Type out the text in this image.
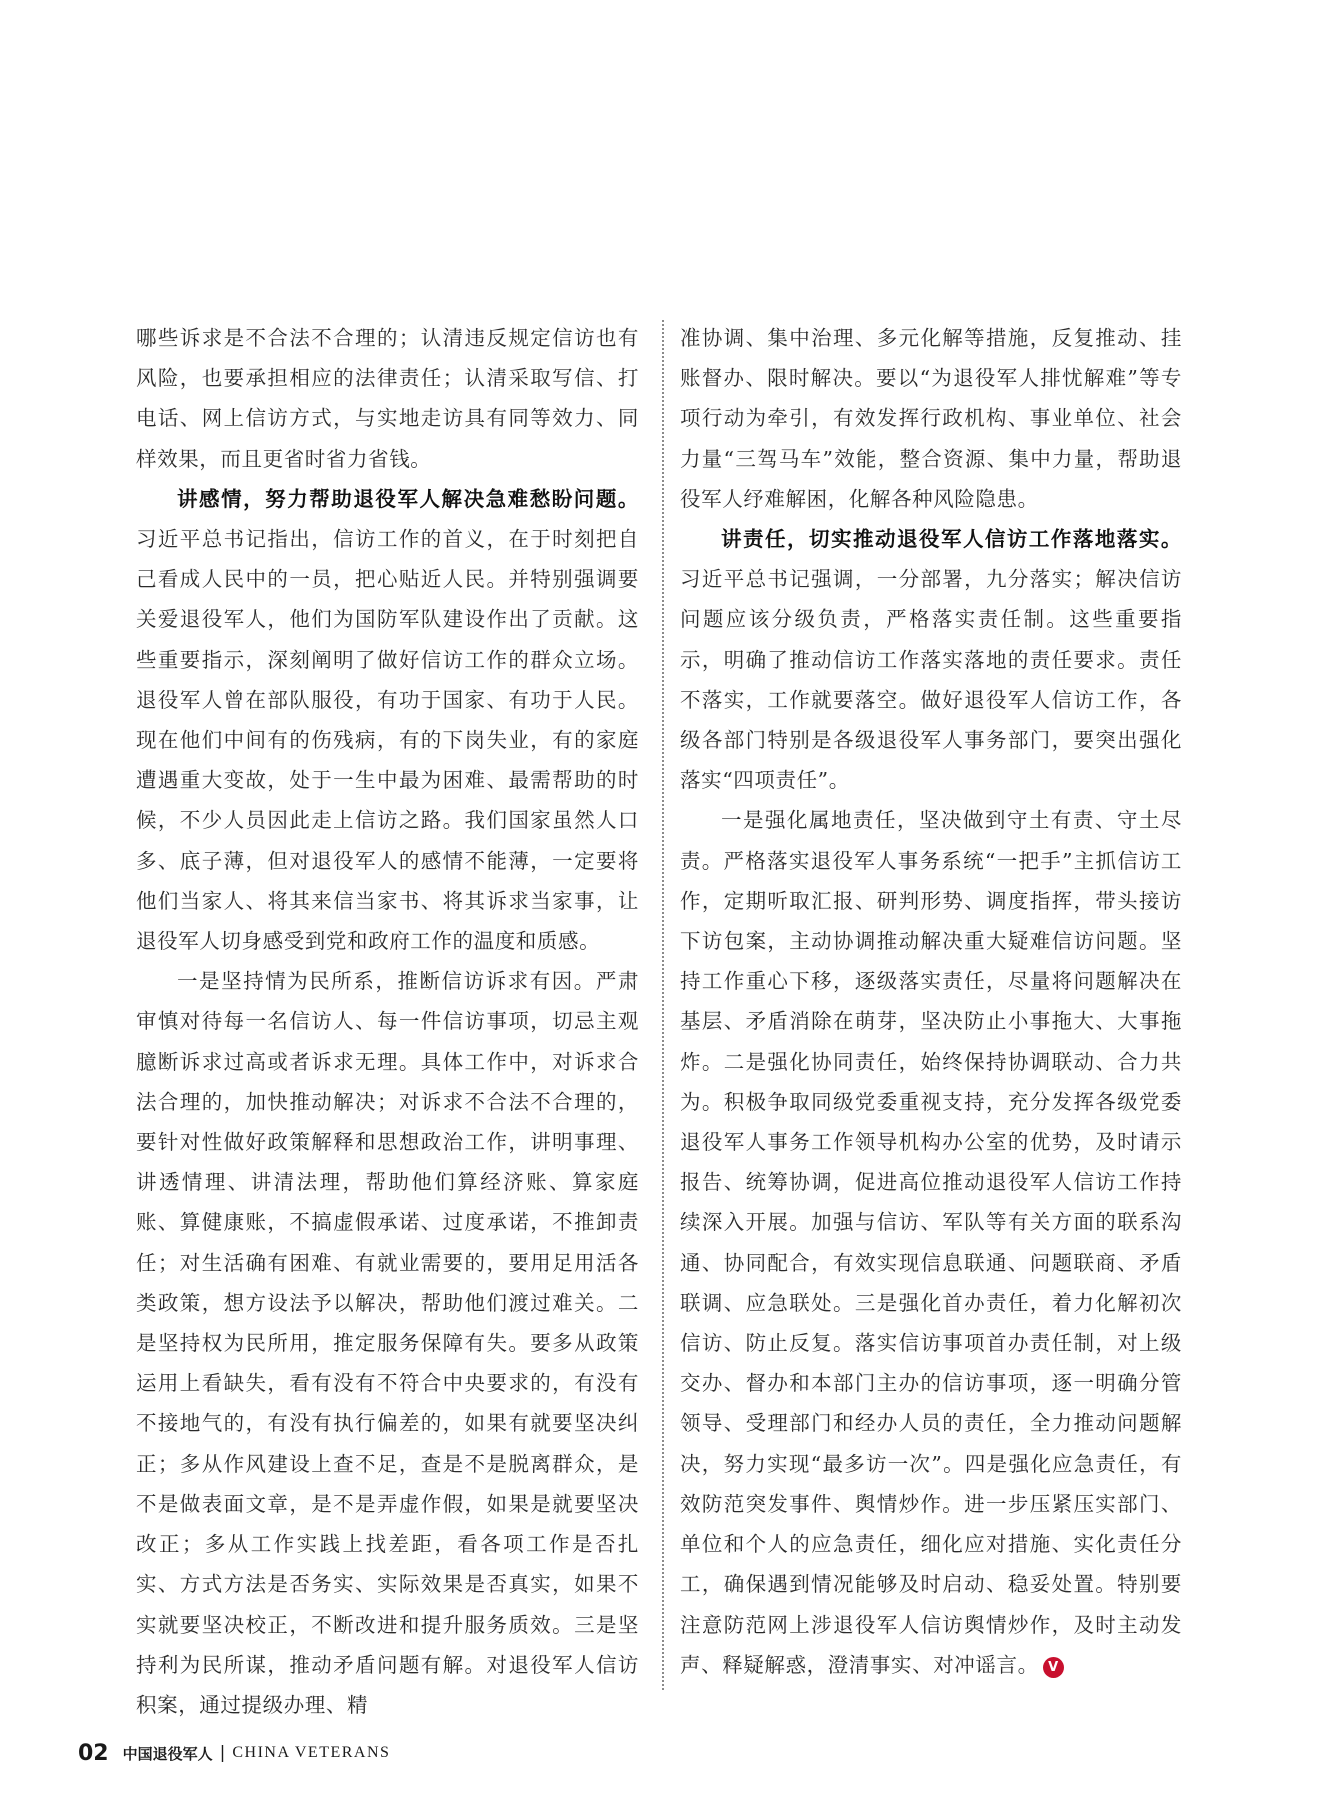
哪些诉求是不合法不合理的；认清违反规定信访也有风险，也要承担相应的法律责任；认清采取写信、打电话、网上信访方式，与实地走访具有同等效力、同样效果，而且更省时省力省钱。

讲感情，努力帮助退役军人解决急难愁盼问题。习近平总书记指出，信访工作的首义，在于时刻把自己看成人民中的一员，把心贴近人民。并特别强调要关爱退役军人，他们为国防军队建设作出了贡献。这些重要指示，深刻阐明了做好信访工作的群众立场。退役军人曾在部队服役，有功于国家、有功于人民。现在他们中间有的伤残病，有的下岗失业，有的家庭遭遇重大变故，处于一生中最为困难、最需帮助的时候，不少人员因此走上信访之路。我们国家虽然人口多、底子薄，但对退役军人的感情不能薄，一定要将他们当家人、将其来信当家书、将其诉求当家事，让退役军人切身感受到党和政府工作的温度和质感。

一是坚持情为民所系，推断信访诉求有因。严肃审慎对待每一名信访人、每一件信访事项，切忌主观臆断诉求过高或者诉求无理。具体工作中，对诉求合法合理的，加快推动解决；对诉求不合法不合理的，要针对性做好政策解释和思想政治工作，讲明事理、讲透情理、讲清法理，帮助他们算经济账、算家庭账、算健康账，不搞虚假承诺、过度承诺，不推卸责任；对生活确有困难、有就业需要的，要用足用活各类政策，想方设法予以解决，帮助他们渡过难关。二是坚持权为民所用，推定服务保障有失。要多从政策运用上看缺失，看有没有不符合中央要求的，有没有不接地气的，有没有执行偏差的，如果有就要坚决纠正；多从作风建设上查不足，查是不是脱离群众，是不是做表面文章，是不是弄虚作假，如果是就要坚决改正；多从工作实践上找差距，看各项工作是否扎实、方式方法是否务实、实际效果是否真实，如果不实就要坚决校正，不断改进和提升服务质效。三是坚持利为民所谋，推动矛盾问题有解。对退役军人信访积案，通过提级办理、精

准协调、集中治理、多元化解等措施，反复推动、挂账督办、限时解决。要以“为退役军人排忧解难”等专项行动为牵引，有效发挥行政机构、事业单位、社会力量“三驾马车”效能，整合资源、集中力量，帮助退役军人纾难解困，化解各种风险隐患。

讲责任，切实推动退役军人信访工作落地落实。习近平总书记强调，一分部署，九分落实；解决信访问题应该分级负责，严格落实责任制。这些重要指示，明确了推动信访工作落实落地的责任要求。责任不落实，工作就要落空。做好退役军人信访工作，各级各部门特别是各级退役军人事务部门，要突出强化落实“四项责任”。

一是强化属地责任，坚决做到守土有责、守土尽责。严格落实退役军人事务系统“一把手”主抓信访工作，定期听取汇报、研判形势、调度指挥，带头接访下访包案，主动协调推动解决重大疑难信访问题。坚持工作重心下移，逐级落实责任，尽量将问题解决在基层、矛盾消除在萌芽，坚决防止小事拖大、大事拖炸。二是强化协同责任，始终保持协调联动、合力共为。积极争取同级党委重视支持，充分发挥各级党委退役军人事务工作领导机构办公室的优势，及时请示报告、统筹协调，促进高位推动退役军人信访工作持续深入开展。加强与信访、军队等有关方面的联系沟通、协同配合，有效实现信息联通、问题联商、矛盾联调、应急联处。三是强化首办责任，着力化解初次信访、防止反复。落实信访事项首办责任制，对上级交办、督办和本部门主办的信访事项，逐一明确分管领导、受理部门和经办人员的责任，全力推动问题解决，努力实现“最多访一次”。四是强化应急责任，有效防范突发事件、舆情炒作。进一步压紧压实部门、单位和个人的应急责任，细化应对措施、实化责任分工，确保遇到情况能够及时启动、稳妥处置。特别要注意防范网上涉退役军人信访舆情炒作，及时主动发声、释疑解惑，澄清事实、对冲谣言。 V

02 中国退役军人 | CHINA VETERANS
